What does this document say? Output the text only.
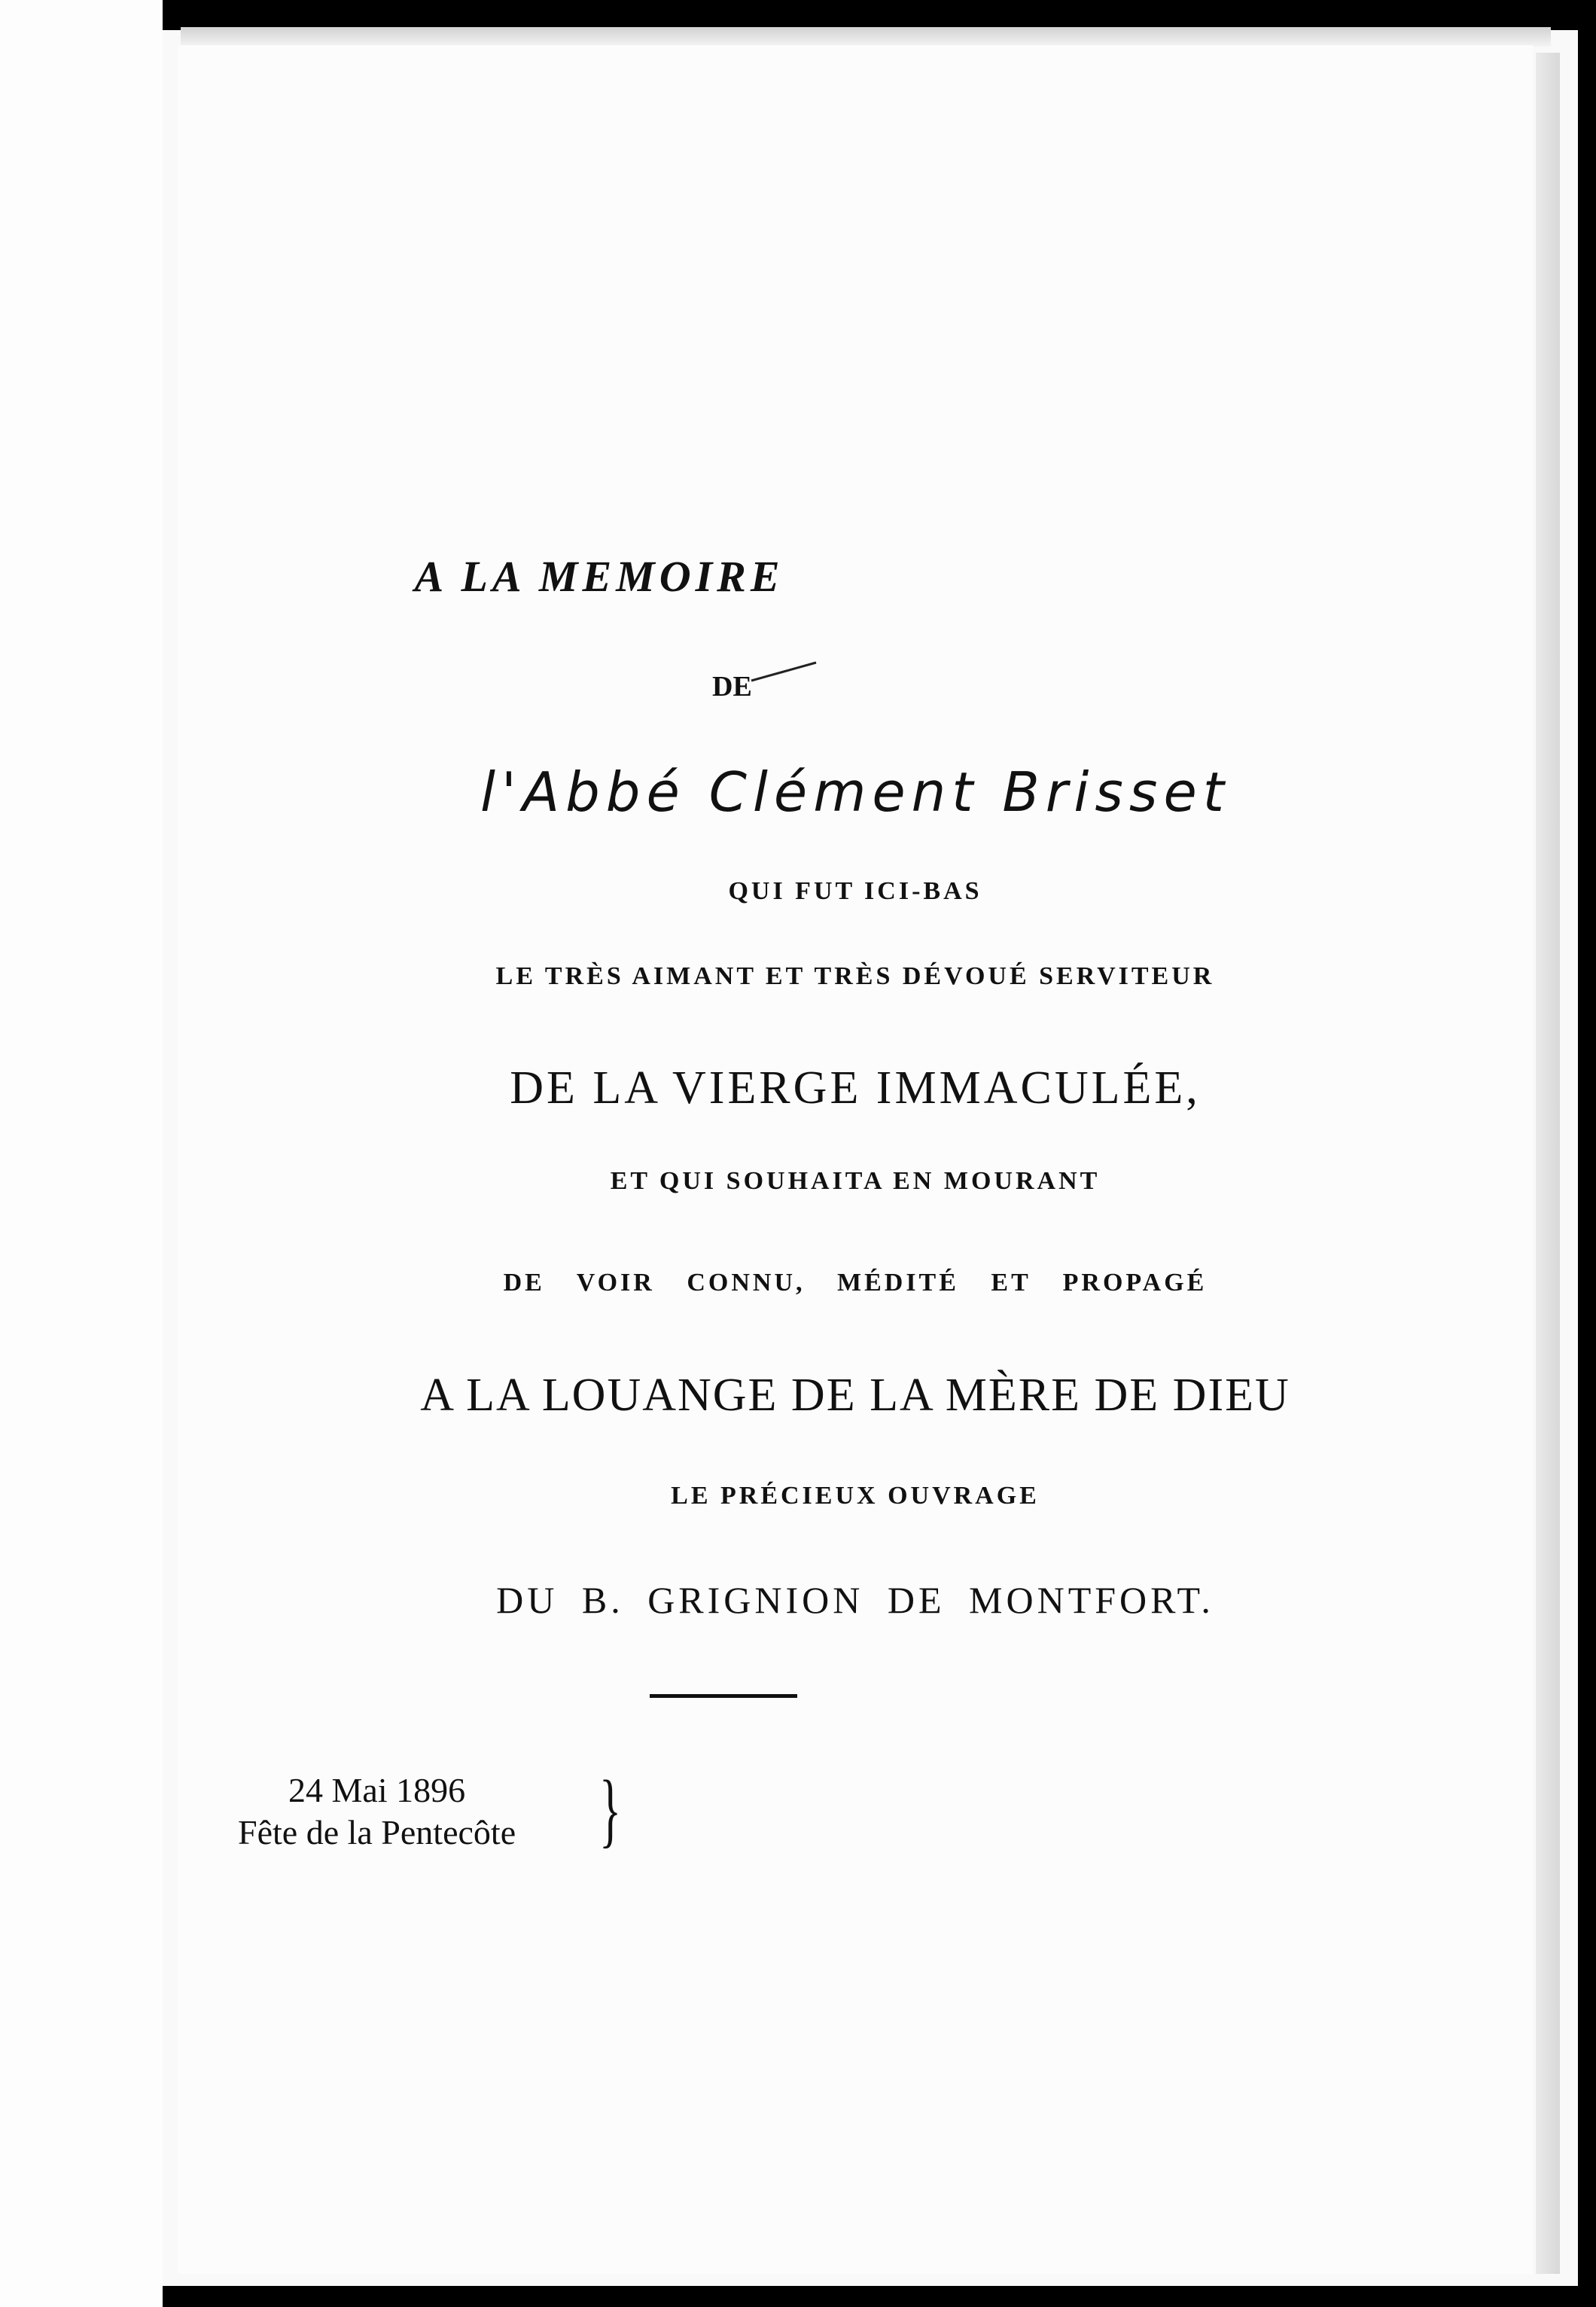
A LA MEMOIRE
DE
l'Abbé Clément Brisset
QUI FUT ICI-BAS
LE TRÈS AIMANT ET TRÈS DÉVOUÉ SERVITEUR
DE LA VIERGE IMMACULÉE,
ET QUI SOUHAITA EN MOURANT
DE VOIR CONNU, MÉDITÉ ET PROPAGÉ
A LA LOUANGE DE LA MÈRE DE DIEU
LE PRÉCIEUX OUVRAGE
DU B. GRIGNION DE MONTFORT.
24 Mai 1896
Fête de la Pentecôte }
